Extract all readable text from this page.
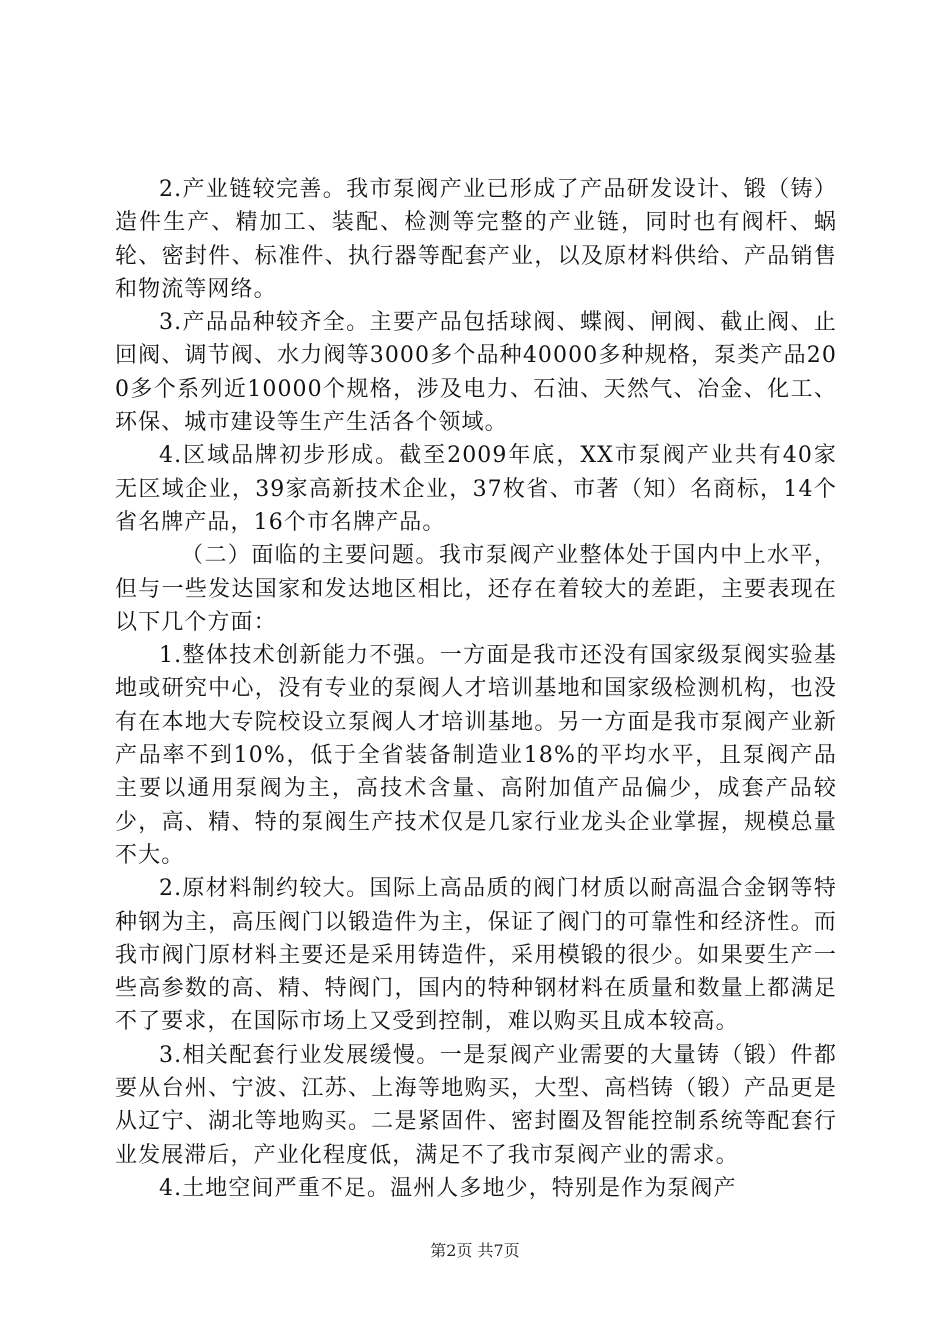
2.产业链较完善。我市泵阀产业已形成了产品研发设计、锻（铸）造件生产、精加工、装配、检测等完整的产业链，同时也有阀杆、蜗轮、密封件、标准件、执行器等配套产业，以及原材料供给、产品销售和物流等网络。

3.产品品种较齐全。主要产品包括球阀、蝶阀、闸阀、截止阀、止回阀、调节阀、水力阀等3000多个品种40000多种规格，泵类产品200多个系列近10000个规格，涉及电力、石油、天然气、冶金、化工、环保、城市建设等生产生活各个领域。

4.区域品牌初步形成。截至2009年底，XX市泵阀产业共有40家无区域企业，39家高新技术企业，37枚省、市著（知）名商标，14个省名牌产品，16个市名牌产品。

（二）面临的主要问题。我市泵阀产业整体处于国内中上水平，但与一些发达国家和发达地区相比，还存在着较大的差距，主要表现在以下几个方面：

1.整体技术创新能力不强。一方面是我市还没有国家级泵阀实验基地或研究中心，没有专业的泵阀人才培训基地和国家级检测机构，也没有在本地大专院校设立泵阀人才培训基地。另一方面是我市泵阀产业新产品率不到10%，低于全省装备制造业18%的平均水平，且泵阀产品主要以通用泵阀为主，高技术含量、高附加值产品偏少，成套产品较少，高、精、特的泵阀生产技术仅是几家行业龙头企业掌握，规模总量不大。

2.原材料制约较大。国际上高品质的阀门材质以耐高温合金钢等特种钢为主，高压阀门以锻造件为主，保证了阀门的可靠性和经济性。而我市阀门原材料主要还是采用铸造件，采用模锻的很少。如果要生产一些高参数的高、精、特阀门，国内的特种钢材料在质量和数量上都满足不了要求，在国际市场上又受到控制，难以购买且成本较高。

3.相关配套行业发展缓慢。一是泵阀产业需要的大量铸（锻）件都要从台州、宁波、江苏、上海等地购买，大型、高档铸（锻）产品更是从辽宁、湖北等地购买。二是紧固件、密封圈及智能控制系统等配套行业发展滞后，产业化程度低，满足不了我市泵阀产业的需求。

4.土地空间严重不足。温州人多地少，特别是作为泵阀产

第2页 共7页
